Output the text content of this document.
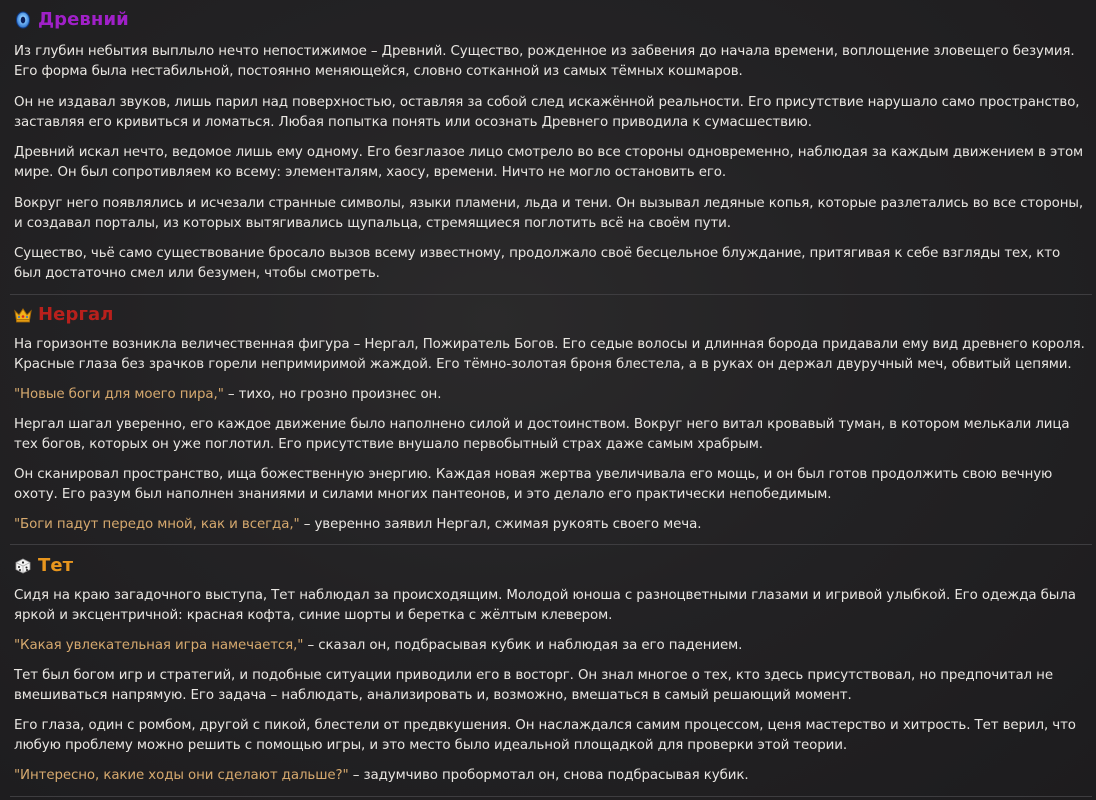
Древний
Из глубин небытия выплыло нечто непостижимое – Древний. Существо, рожденное из забвения до начала времени, воплощение зловещего безумия. Его форма была нестабильной, постоянно меняющейся, словно сотканной из самых тёмных кошмаров.
Он не издавал звуков, лишь парил над поверхностью, оставляя за собой след искажённой реальности. Его присутствие нарушало само пространство, заставляя его кривиться и ломаться. Любая попытка понять или осознать Древнего приводила к сумасшествию.
Древний искал нечто, ведомое лишь ему одному. Его безглазое лицо смотрело во все стороны одновременно, наблюдая за каждым движением в этом мире. Он был сопротивляем ко всему: элементалям, хаосу, времени. Ничто не могло остановить его.
Вокруг него появлялись и исчезали странные символы, языки пламени, льда и тени. Он вызывал ледяные копья, которые разлетались во все стороны, и создавал порталы, из которых вытягивались щупальца, стремящиеся поглотить всё на своём пути.
Существо, чьё само существование бросало вызов всему известному, продолжало своё бесцельное блуждание, притягивая к себе взгляды тех, кто был достаточно смел или безумен, чтобы смотреть.
Нергал
На горизонте возникла величественная фигура – Нергал, Пожиратель Богов. Его седые волосы и длинная борода придавали ему вид древнего короля. Красные глаза без зрачков горели непримиримой жаждой. Его тёмно-золотая броня блестела, а в руках он держал двуручный меч, обвитый цепями.
"Новые боги для моего пира," – тихо, но грозно произнес он.
Нергал шагал уверенно, его каждое движение было наполнено силой и достоинством. Вокруг него витал кровавый туман, в котором мелькали лица тех богов, которых он уже поглотил. Его присутствие внушало первобытный страх даже самым храбрым.
Он сканировал пространство, ища божественную энергию. Каждая новая жертва увеличивала его мощь, и он был готов продолжить свою вечную охоту. Его разум был наполнен знаниями и силами многих пантеонов, и это делало его практически непобедимым.
"Боги падут передо мной, как и всегда," – уверенно заявил Нергал, сжимая рукоять своего меча.
Тет
Сидя на краю загадочного выступа, Тет наблюдал за происходящим. Молодой юноша с разноцветными глазами и игривой улыбкой. Его одежда была яркой и эксцентричной: красная кофта, синие шорты и беретка с жёлтым клевером.
"Какая увлекательная игра намечается," – сказал он, подбрасывая кубик и наблюдая за его падением.
Тет был богом игр и стратегий, и подобные ситуации приводили его в восторг. Он знал многое о тех, кто здесь присутствовал, но предпочитал не вмешиваться напрямую. Его задача – наблюдать, анализировать и, возможно, вмешаться в самый решающий момент.
Его глаза, один с ромбом, другой с пикой, блестели от предвкушения. Он наслаждался самим процессом, ценя мастерство и хитрость. Тет верил, что любую проблему можно решить с помощью игры, и это место было идеальной площадкой для проверки этой теории.
"Интересно, какие ходы они сделают дальше?" – задумчиво пробормотал он, снова подбрасывая кубик.
